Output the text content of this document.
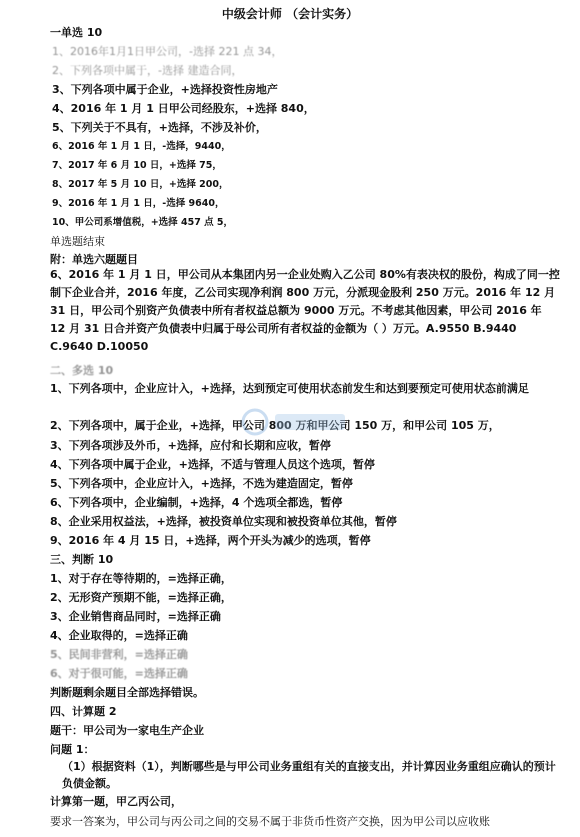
中级会计师 （会计实务）
一单选 10
1、2016年1月1日甲公司，-选择 221 点 34，
2、下列各项中属于，-选择 建造合同，
3、下列各项中属于企业，+选择投资性房地产
4、2016 年 1 月 1 日甲公司经股东，+选择 840，
5、下列关于不具有，+选择，不涉及补价，
6、2016 年 1 月 1 日，-选择，9440，
7、2017 年 6 月 10 日，+选择 75，
8、2017 年 5 月 10 日，+选择 200，
9、2016 年 1 月 1 日，-选择 9640，
10、甲公司系增值税，+选择 457 点 5，
单选题结束
附：单选六题题目
6、2016 年 1 月 1 日，甲公司从本集团内另一企业处购入乙公司 80%有表决权的股份，构成了同一控制下企业合并，2016 年度，乙公司实现净利润 800 万元，分派现金股利 250 万元。2016 年 12 月 31 日，甲公司个别资产负债表中所有者权益总额为 9000 万元。不考虑其他因素，甲公司 2016 年 12 月 31 日合并资产负债表中归属于母公司所有者权益的金额为（ ）万元。A.9550 B.9440 C.9640 D.10050
二、多选 10
1、下列各项中，企业应计入，+选择，达到预定可使用状态前发生和达到要预定可使用状态前满足
2、下列各项中，属于企业，+选择，甲公司 800 万和甲公司 150 万，和甲公司 105 万，
3、下列各项涉及外币，+选择，应付和长期和应收，暂停
4、下列各项中属于企业，+选择，不适与管理人员这个选项，暂停
5、下列各项中，企业应计入，+选择，不选为建造固定，暂停
6、下列各项中，企业编制，+选择，4 个选项全都选，暂停
8、企业采用权益法，+选择，被投资单位实现和被投资单位其他，暂停
9、2016 年 4 月 15 日，+选择，两个开头为减少的选项，暂停
三、判断 10
1、对于存在等待期的，=选择正确，
2、无形资产预期不能，=选择正确，
3、企业销售商品同时，=选择正确
4、企业取得的，=选择正确
5、民间非营利，=选择正确
6、对于很可能，=选择正确
判断题剩余题目全部选择错误。
四、计算题 2
题干：甲公司为一家电生产企业
问题 1：
（1）根据资料（1），判断哪些是与甲公司业务重组有关的直接支出，并计算因业务重组应确认的预计负债金额。
计算第一题，甲乙丙公司，
要求一答案为，甲公司与丙公司之间的交易不属于非货币性资产交换，因为甲公司以应收账
